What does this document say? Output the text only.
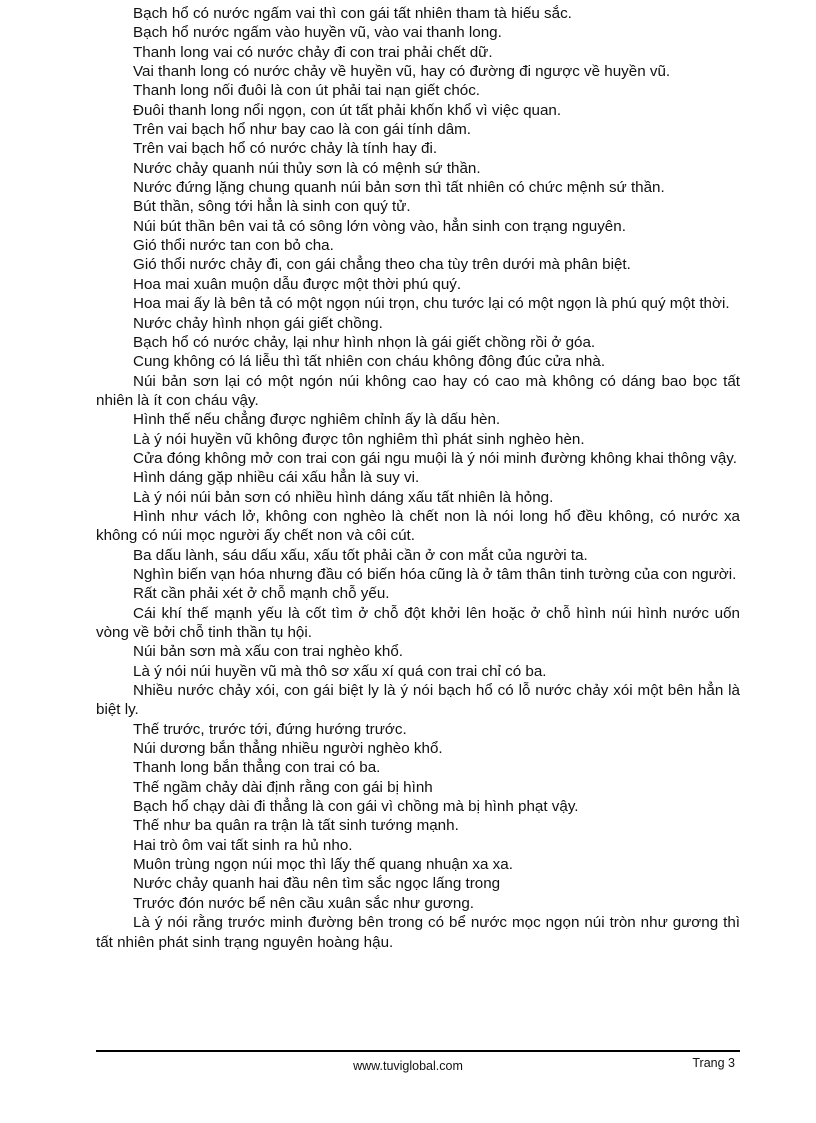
Bạch hổ có nước ngấm vai thì con gái tất nhiên tham tà hiếu sắc.

Bạch hổ nước ngấm vào huyền vũ, vào vai thanh long.

Thanh long vai có nước chảy đi con trai phải chết dữ.

Vai thanh long có nước chảy về huyền vũ, hay có đường đi ngược về huyền vũ.

Thanh long nối đuôi là con út phải tai nạn giết chóc.

Đuôi thanh long nổi ngọn, con út tất phải khốn khổ vì việc quan.

Trên vai bạch hổ như bay cao là con gái tính dâm.

Trên vai bạch hổ có nước chảy là tính hay đi.

Nước chảy quanh núi thủy sơn là có mệnh sứ thần.

Nước đứng lặng chung quanh núi bản sơn thì tất nhiên có chức mệnh sứ thần.

Bút thần, sông tới hẳn là sinh con quý tử.

Núi bút thần bên vai tả có sông lớn vòng vào, hẳn sinh con trạng nguyên.

Gió thổi nước tan con bỏ cha.

Gió thổi nước chảy đi, con gái chẳng theo cha tùy trên dưới mà phân biệt.

Hoa mai xuân muộn dẫu được một thời phú quý.

Hoa mai ấy là bên tả có một ngọn núi trọn, chu tước lại có một ngọn là phú quý một thời.

Nước chảy hình nhọn gái giết chồng.

Bạch hổ có nước chảy, lại như hình nhọn là gái giết chồng rồi ở góa.

Cung không có lá liễu thì tất nhiên con cháu không đông đúc cửa nhà.

Núi bản sơn lại có một ngón núi không cao hay có cao mà không có dáng bao bọc tất nhiên là ít con cháu vậy.

Hình thế nếu chẳng được nghiêm chỉnh ấy là dấu hèn.

Là ý nói huyền vũ không được tôn nghiêm thì phát sinh nghèo hèn.

Cửa đóng không mở con trai con gái ngu muội là ý nói minh đường không khai thông vậy.

Hình dáng gặp nhiều cái xấu hẳn là suy vi.

Là ý nói núi bản sơn có nhiều hình dáng xấu tất nhiên là hỏng.

Hình như vách lở, không con nghèo là chết non là nói long hổ đều không, có nước xa không có núi mọc người ấy chết non và côi cút.

Ba dấu lành, sáu dấu xấu, xấu tốt phải cần ở con mắt của người ta.

Nghìn biến vạn hóa nhưng đầu có biến hóa cũng là ở tâm thân tinh tường của con người.

Rất cần phải xét ở chỗ mạnh chỗ yếu.

Cái khí thế mạnh yếu là cốt tìm ở chỗ đột khởi lên hoặc ở chỗ hình núi hình nước uốn vòng về bởi chỗ tinh thần tụ hội.

Núi bản sơn mà xấu con trai nghèo khổ.

Là ý nói núi huyền vũ mà thô sơ xấu xí quá con trai chỉ có ba.

Nhiều nước chảy xói, con gái biệt ly là ý nói bạch hổ có lỗ nước chảy xói một bên hẳn là biệt ly.

Thế trước, trước tới, đứng hướng trước.

Núi dương bắn thẳng nhiều người nghèo khổ.

Thanh long bắn thẳng con trai có ba.

Thế ngầm chảy dài định rằng con gái bị hình

Bạch hổ chạy dài đi thẳng là con gái vì chồng mà bị hình phạt vậy.

Thế như ba quân ra trận là tất sinh tướng mạnh.

Hai trò ôm vai tất sinh ra hủ nho.

Muôn trùng ngọn núi mọc thì lấy thế quang nhuận xa xa.

Nước chảy quanh hai đầu nên tìm sắc ngọc lấng trong

Trước đón nước bể nên cầu xuân sắc như gương.

Là ý nói rằng trước minh đường bên trong có bể nước mọc ngọn núi tròn như gương thì tất nhiên phát sinh trạng nguyên hoàng hậu.

www.tuviglobal.com	Trang 3
